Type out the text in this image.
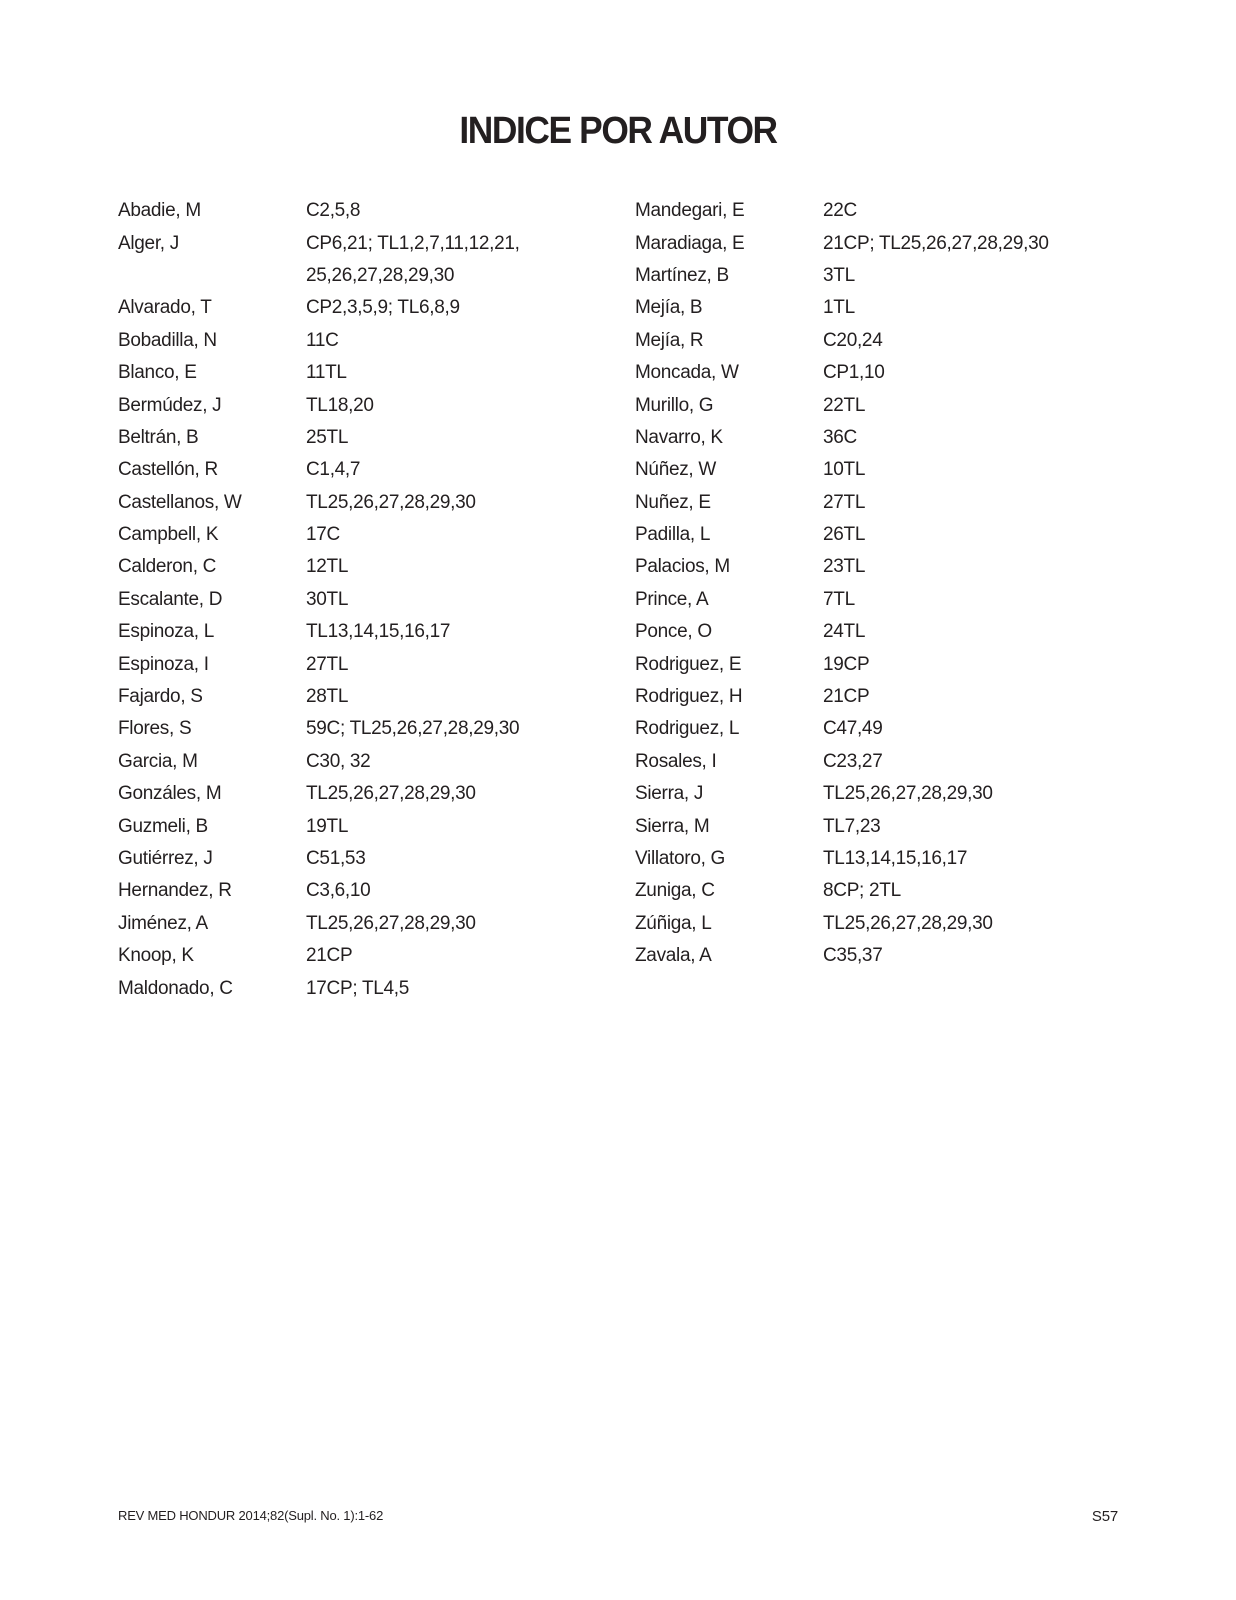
INDICE POR AUTOR
Abadie, M	C2,5,8
Alger, J	CP6,21; TL1,2,7,11,12,21,
25,26,27,28,29,30
Alvarado, T	CP2,3,5,9; TL6,8,9
Bobadilla, N	11C
Blanco, E	11TL
Bermúdez, J	TL18,20
Beltrán, B	25TL
Castellón, R	C1,4,7
Castellanos, W	TL25,26,27,28,29,30
Campbell, K	17C
Calderon, C	12TL
Escalante, D	30TL
Espinoza, L	TL13,14,15,16,17
Espinoza, I	27TL
Fajardo, S	28TL
Flores, S	59C; TL25,26,27,28,29,30
Garcia, M	C30, 32
Gonzáles, M	TL25,26,27,28,29,30
Guzmeli, B	19TL
Gutiérrez, J	C51,53
Hernandez, R	C3,6,10
Jiménez, A	TL25,26,27,28,29,30
Knoop, K	21CP
Maldonado, C	17CP; TL4,5
Mandegari, E	22C
Maradiaga, E	21CP; TL25,26,27,28,29,30
Martínez, B	3TL
Mejía, B	1TL
Mejía, R	C20,24
Moncada, W	CP1,10
Murillo, G	22TL
Navarro, K	36C
Núñez, W	10TL
Nuñez, E	27TL
Padilla, L	26TL
Palacios, M	23TL
Prince, A	7TL
Ponce, O	24TL
Rodriguez, E	19CP
Rodriguez, H	21CP
Rodriguez, L	C47,49
Rosales, I	C23,27
Sierra, J	TL25,26,27,28,29,30
Sierra, M	TL7,23
Villatoro, G	TL13,14,15,16,17
Zuniga, C	8CP; 2TL
Zúñiga, L	TL25,26,27,28,29,30
Zavala, A	C35,37
REV MED HONDUR 2014;82(Supl. No. 1):1-62	S57
